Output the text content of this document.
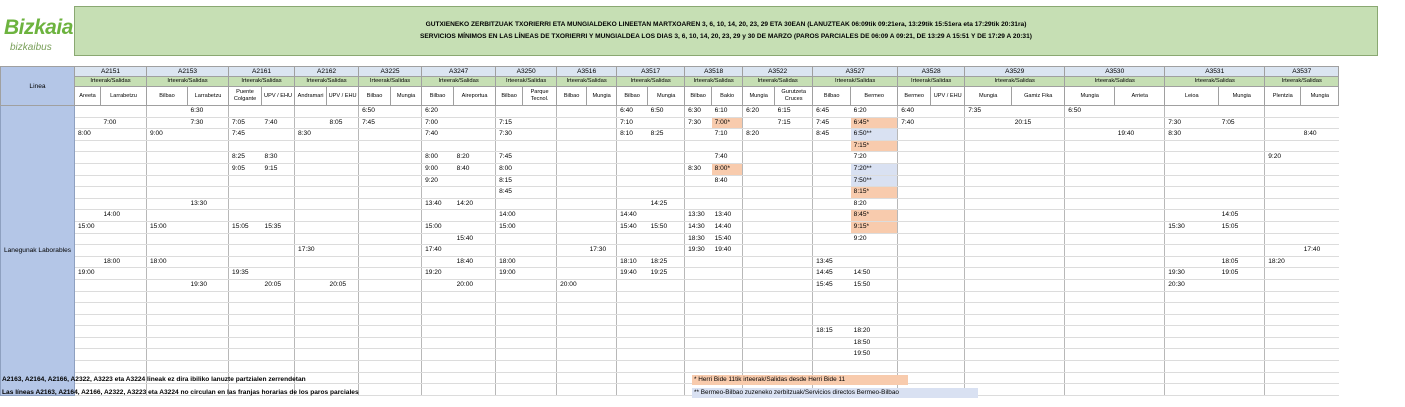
Bizkaia
bizkaibus
GUTXIENEKO ZERBITZUAK TXORIERRI ETA MUNGIALDEKO LINEETAN MARTXOAREN 3, 6, 10, 14, 20, 23, 29 ETA 30EAN (LANUZTEAK 06:09tik 09:21era, 13:29tik 15:51era eta 17:29tik 20:31ra)
SERVICIOS MÍNIMOS EN LAS LÍNEAS DE TXORIERRI Y MUNGIALDEA LOS DIAS 3, 6, 10, 14, 20, 23, 29 y 30 DE MARZO (PAROS PARCIALES DE 06:09 A 09:21, DE 13:29 A 15:51 Y DE 17:29 A 20:31)
Linea	A2151		A2153		A2161		A2162		A3225		A3247		A3250		A3516		A3517		A3518		A3522		A3527		A3528		A3529		A3530		A3531		A3537	
	Irteerak/Salidas		Irteerak/Salidas		Irteerak/Salidas		Irteerak/Salidas		Irteerak/Salidas		Irteerak/Salidas		Irteerak/Salidas		Irteerak/Salidas		Irteerak/Salidas		Irteerak/Salidas		Irteerak/Salidas		Irteerak/Salidas		Irteerak/Salidas		Irteerak/Salidas		Irteerak/Salidas		Irteerak/Salidas		Irteerak/Salidas	
	Areeta	Larrabetzu	Bilbao	Larrabetzu	Puente Colgante	UPV / EHU	Andramari	UPV / EHU	Bilbao	Mungia	Bilbao	Aireportua	Bilbao	Parque Tecnol.	Bilbao	Mungia	Bilbao	Mungia	Bilbao	Bakio	Mungia	Gurutzeta Cruces	Bilbao	Bermeo	Bermeo	UPV / EHU	Mungia	Gamiz Fika	Mungia	Arrieta	Leioa	Mungia	Plentzia	Mungia
Lanegunak Laborables				6:30					6:50		6:20						6:40	6:50	6:30	6:10	6:20	6:15	6:45	6:20	6:40		7:35		6:50					
		7:00		7:30	7:05	7:40		8:05	7:45		7:00		7:15				7:10		7:30	7:00*		7:15	7:45	6:45*	7:40			20:15			7:30	7:05		
	8:00		9:00		7:45		8:30				7:40		7:30				8:10	8:25		7:10	8:20		8:45	6:50**						19:40	8:30			8:40
																								7:15*										
					8:25	8:30					8:00	8:20	7:45							7:40				7:20									9:20	
					9:05	9:15					9:00	8:40	8:00						8:30	8:00*				7:20**										
											9:20		8:15							8:40				7:50**										
													8:45											8:15*										
				13:30							13:40	14:20						14:25						8:20										
		14:00											14:00				14:40		13:30	13:40				8:45*								14:05		
	15:00		15:00		15:05	15:35					15:00		15:00				15:40	15:50	14:30	14:40				9:15*							15:30	15:05		
												15:40							18:30	15:40				9:20										
							17:30				17:40					17:30			19:30	19:40														17:40
		18:00	18:00									18:40	18:00				18:10	18:25					13:45									18:05	18:20	
	19:00				19:35						19:20		19:00				19:40	19:25					14:45	14:50							19:30	19:05		
				19:30		20:05		20:05				20:00			20:00								15:45	15:50							20:30			

																							18:15	18:20										
																								18:50										
																								19:50										

A2163, A2164, A2166, A2322, A3223 eta A3224 lineak ez dira ibiliko lanuzte partzialen zerrendetan
Las líneas A2163, A2164, A2166, A2322, A3223 eta A3224 no circulan en las franjas horarias de los paros parciales
* Herri Bide 11tik irteerak/Salidas desde Herri Bide 11
** Bermeo-Bilbao zuzeneko zerbitzuak/Servicios directos Bermeo-Bilbao
